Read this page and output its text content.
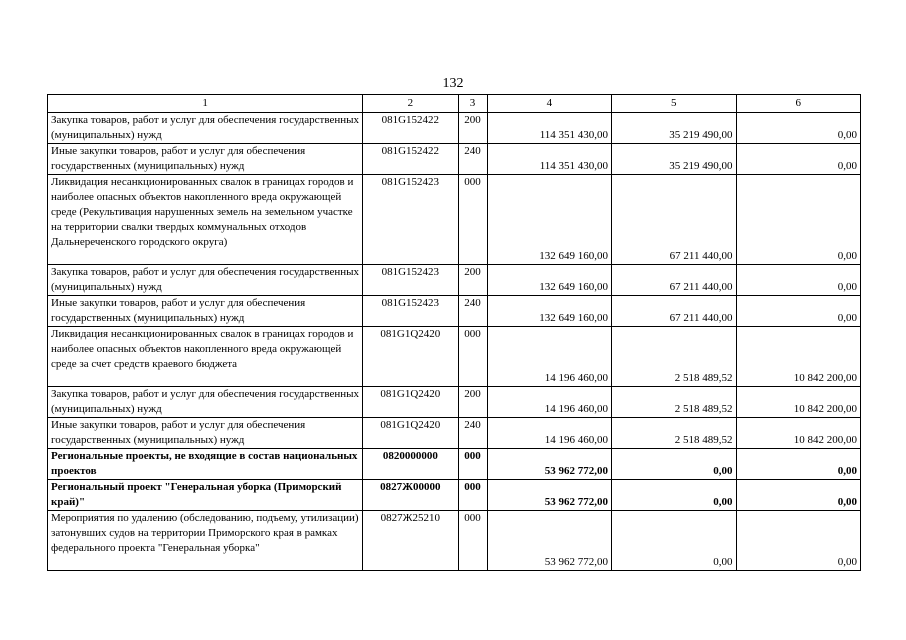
132
1	2	3	4	5	6
Закупка товаров, работ и услуг для обеспечения государственных (муниципальных) нужд	081G152422	200	114 351 430,00	35 219 490,00	0,00
Иные закупки товаров, работ и услуг для обеспечения государственных (муниципальных) нужд	081G152422	240	114 351 430,00	35 219 490,00	0,00
Ликвидация несанкционированных свалок в границах городов и наиболее опасных объектов накопленного вреда окружающей среде (Рекультивация нарушенных земель на земельном участке на территории свалки твердых коммунальных отходов Дальнереченского городского округа)	081G152423	000	132 649 160,00	67 211 440,00	0,00
Закупка товаров, работ и услуг для обеспечения государственных (муниципальных) нужд	081G152423	200	132 649 160,00	67 211 440,00	0,00
Иные закупки товаров, работ и услуг для обеспечения государственных (муниципальных) нужд	081G152423	240	132 649 160,00	67 211 440,00	0,00
Ликвидация несанкционированных свалок в границах городов и наиболее опасных объектов накопленного вреда окружающей среде за счет средств краевого бюджета	081G1Q2420	000	14 196 460,00	2 518 489,52	10 842 200,00
Закупка товаров, работ и услуг для обеспечения государственных (муниципальных) нужд	081G1Q2420	200	14 196 460,00	2 518 489,52	10 842 200,00
Иные закупки товаров, работ и услуг для обеспечения государственных (муниципальных) нужд	081G1Q2420	240	14 196 460,00	2 518 489,52	10 842 200,00
Региональные проекты, не входящие в состав национальных проектов	0820000000	000	53 962 772,00	0,00	0,00
Региональный проект "Генеральная уборка (Приморский край)"	0827Ж00000	000	53 962 772,00	0,00	0,00
Мероприятия по удалению (обследованию, подъему, утилизации) затонувших судов на территории Приморского края в рамках федерального проекта "Генеральная уборка"	0827Ж25210	000	53 962 772,00	0,00	0,00
